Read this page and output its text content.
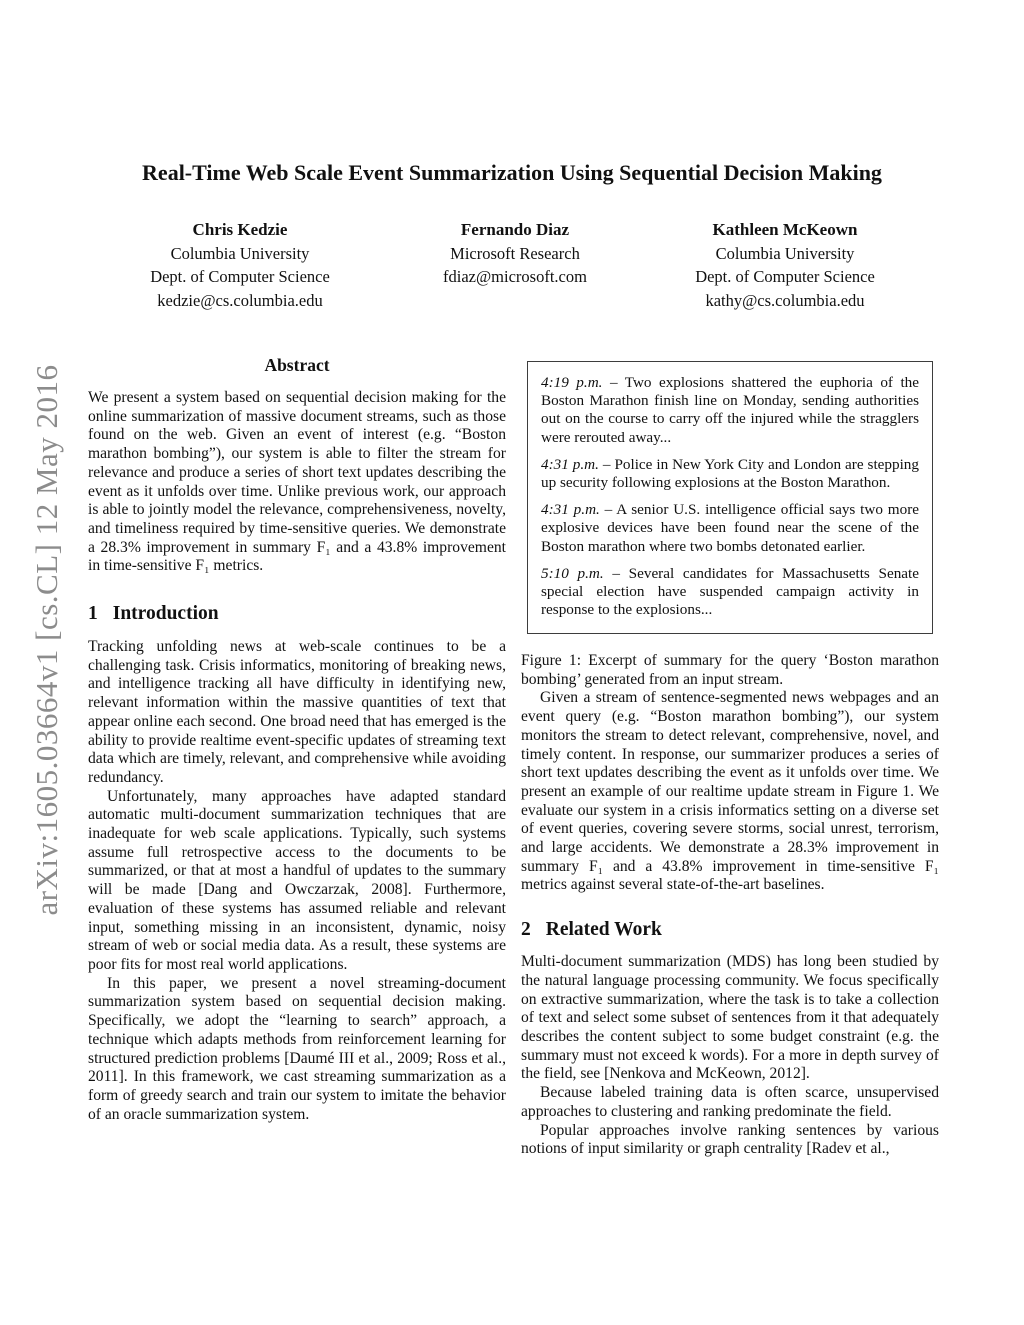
arXiv:1605.03664v1 [cs.CL] 12 May 2016
Real-Time Web Scale Event Summarization Using Sequential Decision Making
Chris Kedzie
Columbia University
Dept. of Computer Science
kedzie@cs.columbia.edu
Fernando Diaz
Microsoft Research
fdiaz@microsoft.com
Kathleen McKeown
Columbia University
Dept. of Computer Science
kathy@cs.columbia.edu
Abstract

We present a system based on sequential decision making for the online summarization of massive document streams, such as those found on the web. Given an event of interest (e.g. “Boston marathon bombing”), our system is able to filter the stream for relevance and produce a series of short text updates describing the event as it unfolds over time. Unlike previous work, our approach is able to jointly model the relevance, comprehensiveness, novelty, and timeliness required by time-sensitive queries. We demonstrate a 28.3% improvement in summary F₁ and a 43.8% improvement in time-sensitive F₁ metrics.

1 Introduction

Tracking unfolding news at web-scale continues to be a challenging task. Crisis informatics, monitoring of breaking news, and intelligence tracking all have difficulty in identifying new, relevant information within the massive quantities of text that appear online each second. One broad need that has emerged is the ability to provide realtime event-specific updates of streaming text data which are timely, relevant, and comprehensive while avoiding redundancy.

Unfortunately, many approaches have adapted standard automatic multi-document summarization techniques that are inadequate for web scale applications. Typically, such systems assume full retrospective access to the documents to be summarized, or that at most a handful of updates to the summary will be made [Dang and Owczarzak, 2008]. Furthermore, evaluation of these systems has assumed reliable and relevant input, something missing in an inconsistent, dynamic, noisy stream of web or social media data. As a result, these systems are poor fits for most real world applications.

In this paper, we present a novel streaming-document summarization system based on sequential decision making. Specifically, we adopt the “learning to search” approach, a technique which adapts methods from reinforcement learning for structured prediction problems [Daumé III et al., 2009; Ross et al., 2011]. In this framework, we cast streaming summarization as a form of greedy search and train our system to imitate the behavior of an oracle summarization system.

4:19 p.m. – Two explosions shattered the euphoria of the Boston Marathon finish line on Monday, sending authorities out on the course to carry off the injured while the stragglers were rerouted away...

4:31 p.m. – Police in New York City and London are stepping up security following explosions at the Boston Marathon.

4:31 p.m. – A senior U.S. intelligence official says two more explosive devices have been found near the scene of the Boston marathon where two bombs detonated earlier.

5:10 p.m. – Several candidates for Massachusetts Senate special election have suspended campaign activity in response to the explosions...

Figure 1: Excerpt of summary for the query ‘Boston marathon bombing’ generated from an input stream.

Given a stream of sentence-segmented news webpages and an event query (e.g. “Boston marathon bombing”), our system monitors the stream to detect relevant, comprehensive, novel, and timely content. In response, our summarizer produces a series of short text updates describing the event as it unfolds over time. We present an example of our realtime update stream in Figure 1. We evaluate our system in a crisis informatics setting on a diverse set of event queries, covering severe storms, social unrest, terrorism, and large accidents. We demonstrate a 28.3% improvement in summary F₁ and a 43.8% improvement in time-sensitive F₁ metrics against several state-of-the-art baselines.

2 Related Work

Multi-document summarization (MDS) has long been studied by the natural language processing community. We focus specifically on extractive summarization, where the task is to take a collection of text and select some subset of sentences from it that adequately describes the content subject to some budget constraint (e.g. the summary must not exceed k words). For a more in depth survey of the field, see [Nenkova and McKeown, 2012].

Because labeled training data is often scarce, unsupervised approaches to clustering and ranking predominate the field.

Popular approaches involve ranking sentences by various notions of input similarity or graph centrality [Radev et al.,
